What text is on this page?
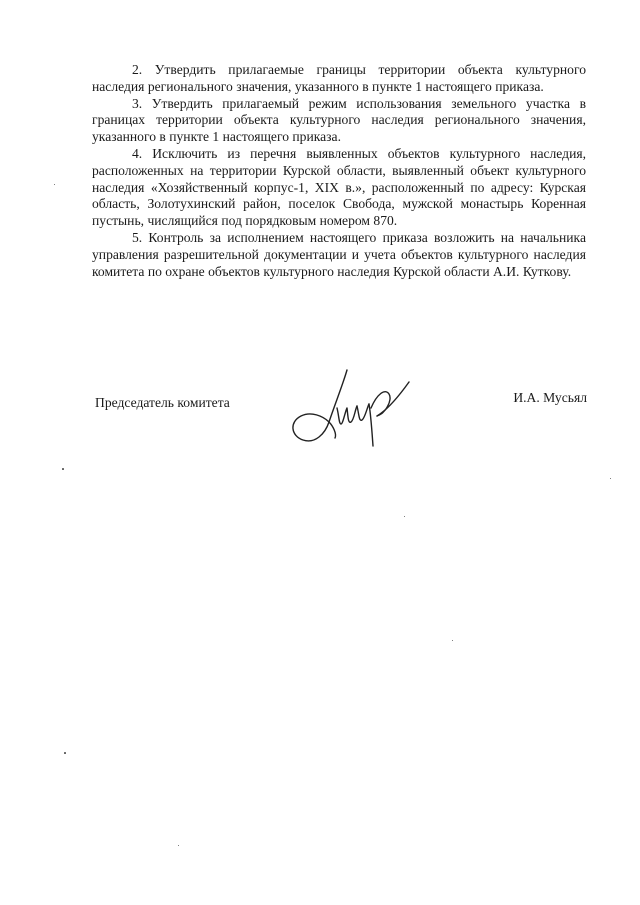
2. Утвердить прилагаемые границы территории объекта культурного наследия регионального значения, указанного в пункте 1 настоящего приказа.

3. Утвердить прилагаемый режим использования земельного участка в границах территории объекта культурного наследия регионального значения, указанного в пункте 1 настоящего приказа.

4. Исключить из перечня выявленных объектов культурного наследия, расположенных на территории Курской области, выявленный объект культурного наследия «Хозяйственный корпус-1, XIX в.», расположенный по адресу: Курская область, Золотухинский район, поселок Свобода, мужской монастырь Коренная пустынь, числящийся под порядковым номером 870.

5. Контроль за исполнением настоящего приказа возложить на начальника управления разрешительной документации и учета объектов культурного наследия комитета по охране объектов культурного наследия Курской области А.И. Куткову.

Председатель комитета	И.А. Мусьял
